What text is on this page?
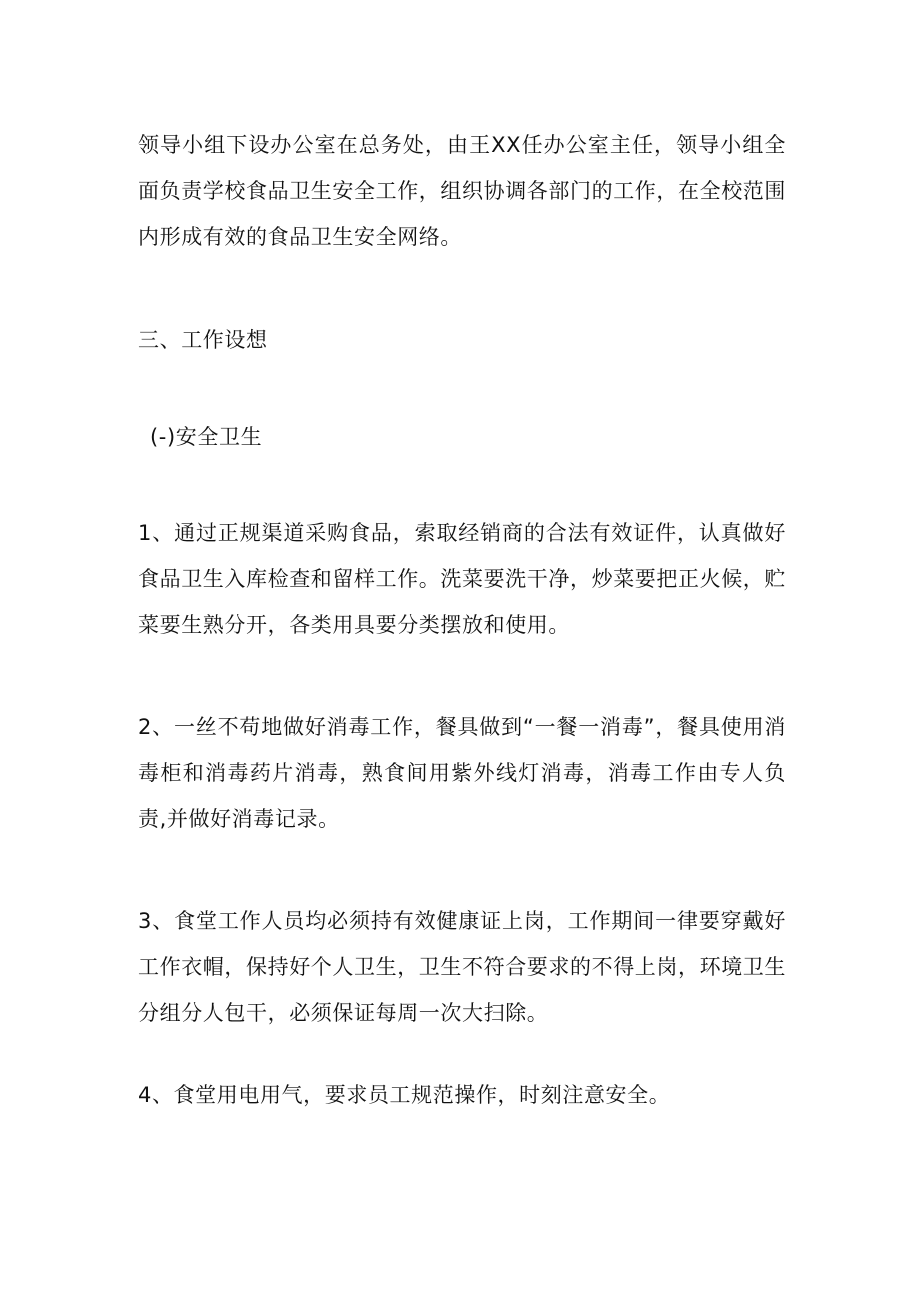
领导小组下设办公室在总务处，由王XX任办公室主任，领导小组全面负责学校食品卫生安全工作，组织协调各部门的工作，在全校范围内形成有效的食品卫生安全网络。

三、工作设想
(-)安全卫生

1、通过正规渠道采购食品，索取经销商的合法有效证件，认真做好食品卫生入库检查和留样工作。洗菜要洗干净，炒菜要把正火候，贮菜要生熟分开，各类用具要分类摆放和使用。

2、一丝不苟地做好消毒工作，餐具做到“一餐一消毒”，餐具使用消毒柜和消毒药片消毒，熟食间用紫外线灯消毒，消毒工作由专人负责,并做好消毒记录。

3、食堂工作人员均必须持有效健康证上岗，工作期间一律要穿戴好工作衣帽，保持好个人卫生，卫生不符合要求的不得上岗，环境卫生分组分人包干，必须保证每周一次大扫除。

4、食堂用电用气，要求员工规范操作，时刻注意安全。
